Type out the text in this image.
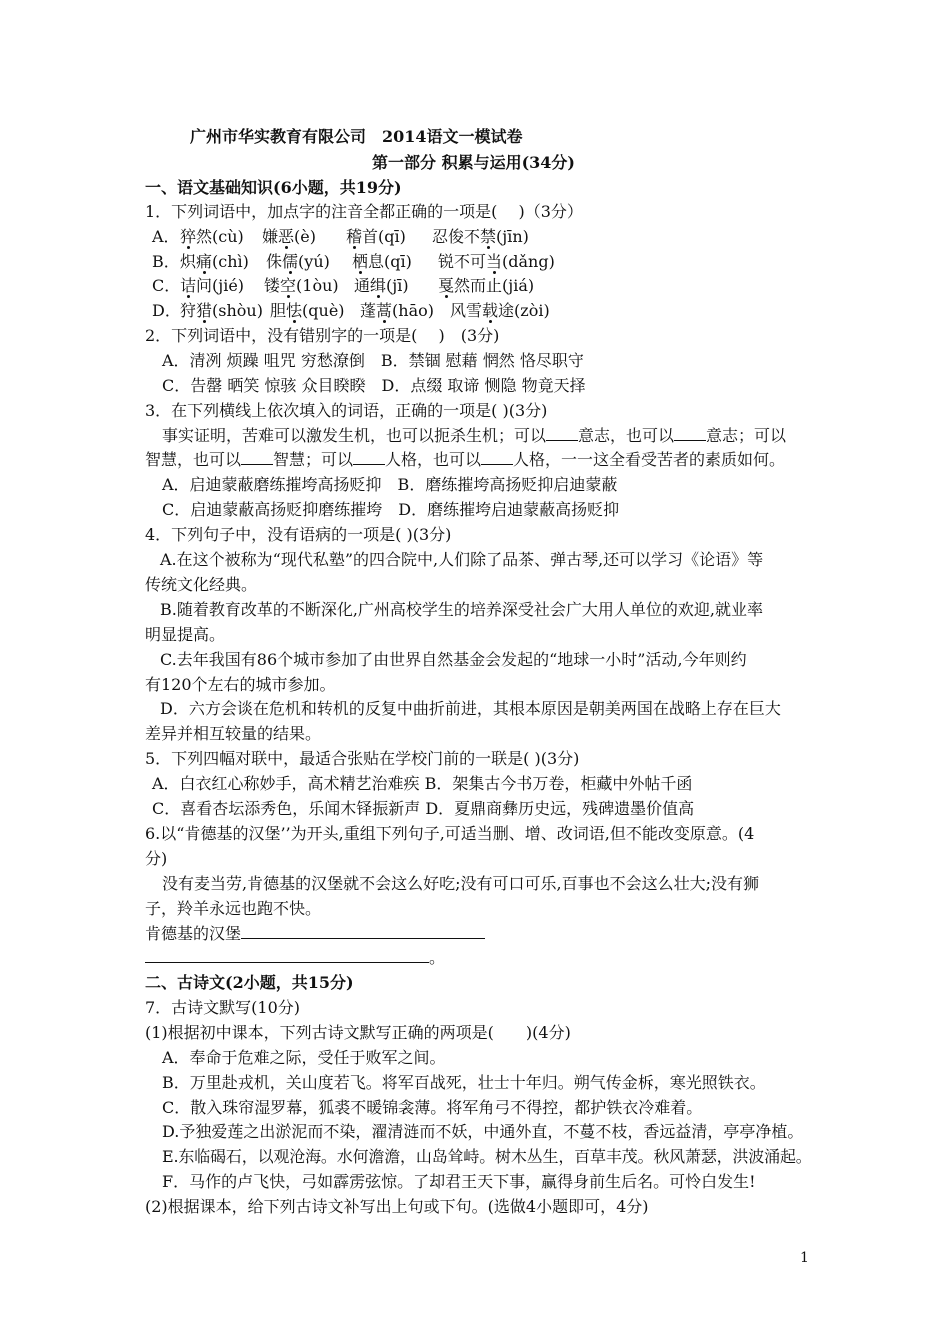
广州市华实教育有限公司　2014语文一模试卷
第一部分 积累与运用(34分)
一、语文基础知识(6小题，共19分)
1．下列词语中，加点字的注音全都正确的一项是(　 )（3分）
A． 猝然(cù) 嫌恶(è) 稽首(qī) 忍俊不禁(jīn)
B． 炽痛(chì) 侏儒(yú) 栖息(qī) 锐不可当(dǎng)
C． 诘问(jié) 镂空(1òu) 通缉(jī) 戛然而止(jiá)
D． 狩猎(shòu) 胆怯(què) 蓬蒿(hāo) 风雪载途(zòi)
2．下列词语中，没有错别字的一项是(　 )　(3分)
A．清冽 烦躁 咀咒 穷愁潦倒　B．禁锢 慰藉 惘然 恪尽职守
C．告罄 晒笑 惊骇 众目睽睽　D．点缀 取谛 恻隐 物竟天择
3．在下列横线上依次填入的词语，正确的一项是( )(3分)
事实证明，苦难可以激发生机，也可以扼杀生机；可以 意志，也可以 意志；可以
智慧，也可以 智慧；可以 人格，也可以 人格，一一这全看受苦者的素质如何。
A．启迪蒙蔽磨练摧垮高扬贬抑　B．磨练摧垮高扬贬抑启迪蒙蔽
C．启迪蒙蔽高扬贬抑磨练摧垮　D．磨练摧垮启迪蒙蔽高扬贬抑
4．下列句子中，没有语病的一项是( )(3分)
A.在这个被称为“现代私塾”的四合院中,人们除了品茶、弹古琴,还可以学习《论语》等
传统文化经典。
B.随着教育改革的不断深化,广州高校学生的培养深受社会广大用人单位的欢迎,就业率
明显提高。
C.去年我国有86个城市参加了由世界自然基金会发起的“地球一小时”活动,今年则约
有120个左右的城市参加。
D．六方会谈在危机和转机的反复中曲折前进，其根本原因是朝美两国在战略上存在巨大
差异并相互较量的结果。
5．下列四幅对联中，最适合张贴在学校门前的一联是( )(3分)
A．白衣红心称妙手，高术精艺治难疾 B．架集古今书万卷，柜藏中外帖千函
C．喜看杏坛添秀色，乐闻木铎振新声 D．夏鼎商彝历史远，残碑遗墨价值高
6.以“肯德基的汉堡’’为开头,重组下列句子,可适当删、增、改词语,但不能改变原意。(4
分)
没有麦当劳,肯德基的汉堡就不会这么好吃;没有可口可乐,百事也不会这么壮大;没有狮
子，羚羊永远也跑不快。
肯德基的汉堡
。
二、古诗文(2小题，共15分)
7．古诗文默写(10分)
(1)根据初中课本，下列古诗文默写正确的两项是(　　)(4分)
A．奉命于危难之际，受任于败军之间。
B．万里赴戎机，关山度若飞。将军百战死，壮士十年归。朔气传金柝，寒光照铁衣。
C．散入珠帘湿罗幕，狐裘不暖锦衾薄。将军角弓不得控，都护铁衣冷难着。
D.予独爱莲之出淤泥而不染，濯清涟而不妖，中通外直，不蔓不枝，香远益清，亭亭净植。
E.东临碣石，以观沧海。水何澹澹，山岛耸峙。树木丛生，百草丰茂。秋风萧瑟，洪波涌起。
F．马作的卢飞快，弓如霹雳弦惊。了却君王天下事，赢得身前生后名。可怜白发生!
(2)根据课本，给下列古诗文补写出上句或下句。(选做4小题即可，4分)
1
